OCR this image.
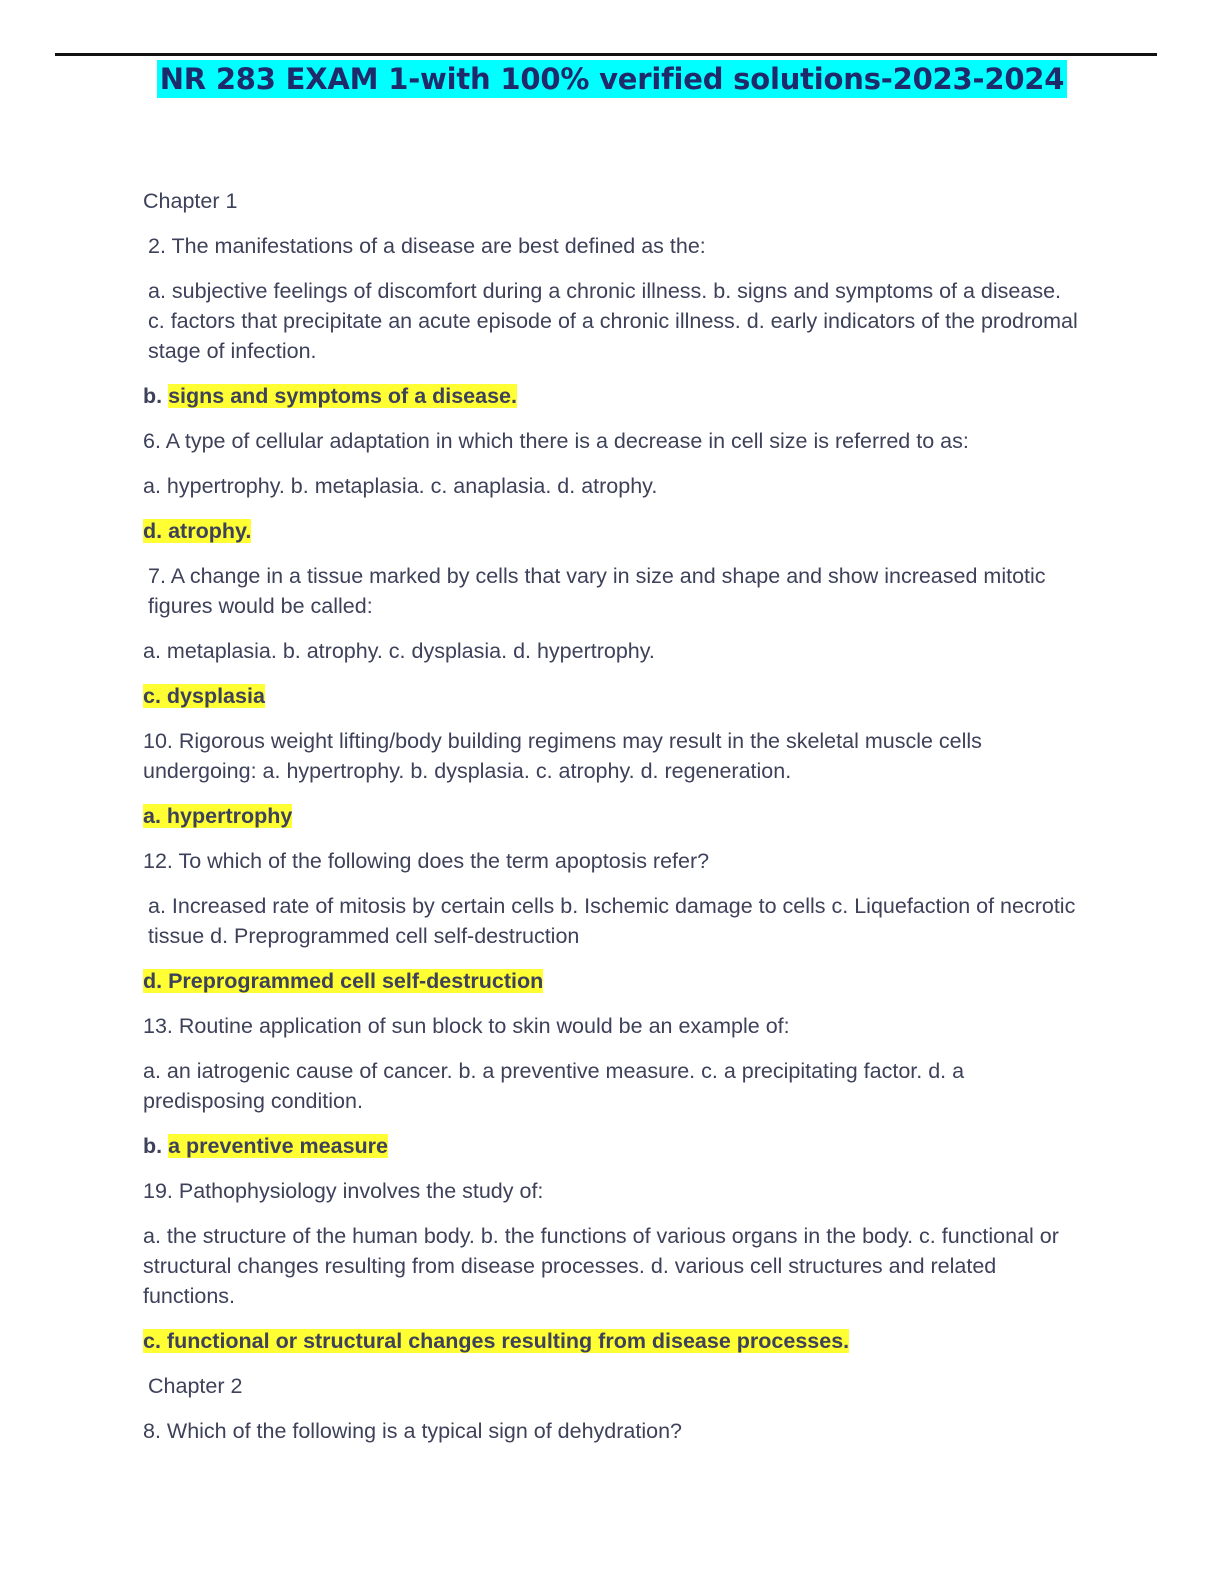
NR 283 EXAM 1-with 100% verified solutions-2023-2024

Chapter 1

2. The manifestations of a disease are best defined as the:

a. subjective feelings of discomfort during a chronic illness. b. signs and symptoms of a disease. c. factors that precipitate an acute episode of a chronic illness. d. early indicators of the prodromal stage of infection.

b. signs and symptoms of a disease.

6. A type of cellular adaptation in which there is a decrease in cell size is referred to as:

a. hypertrophy. b. metaplasia. c. anaplasia. d. atrophy.

d. atrophy.

7. A change in a tissue marked by cells that vary in size and shape and show increased mitotic figures would be called:

a. metaplasia. b. atrophy. c. dysplasia. d. hypertrophy.

c. dysplasia

10. Rigorous weight lifting/body building regimens may result in the skeletal muscle cells undergoing: a. hypertrophy. b. dysplasia. c. atrophy. d. regeneration.

a. hypertrophy

12. To which of the following does the term apoptosis refer?

a. Increased rate of mitosis by certain cells b. Ischemic damage to cells c. Liquefaction of necrotic tissue d. Preprogrammed cell self-destruction

d. Preprogrammed cell self-destruction

13. Routine application of sun block to skin would be an example of:

a. an iatrogenic cause of cancer. b. a preventive measure. c. a precipitating factor. d. a predisposing condition.

b. a preventive measure

19. Pathophysiology involves the study of:

a. the structure of the human body. b. the functions of various organs in the body. c. functional or structural changes resulting from disease processes. d. various cell structures and related functions.

c. functional or structural changes resulting from disease processes.

Chapter 2

8. Which of the following is a typical sign of dehydration?
